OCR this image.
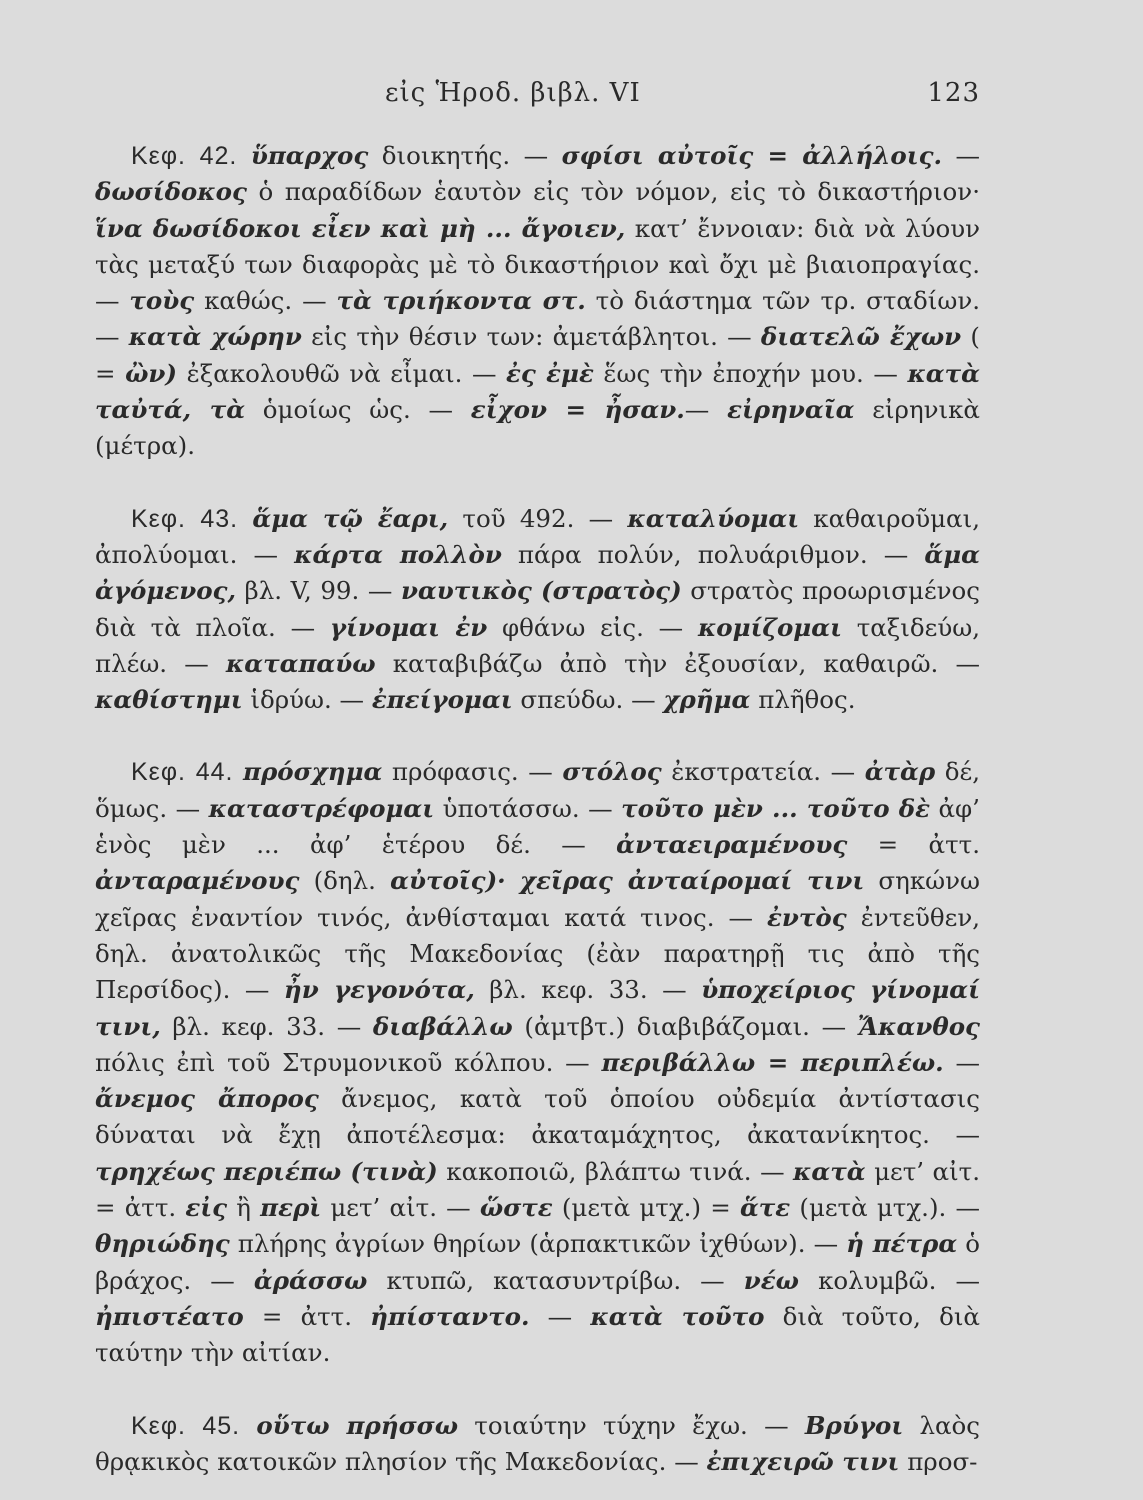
εἰς Ἡροδ. βιβλ. VI	123

Κεφ. 42. ὕπαρχος διοικητής. — σφίσι αὐτοῖς = ἀλλήλοις. — δωσίδοκος ὁ παραδίδων ἑαυτὸν εἰς τὸν νόμον, εἰς τὸ δικαστήριον· ἵνα δωσίδοκοι εἶεν καὶ μὴ ... ἄγοιεν, κατ’ ἔννοιαν: διὰ νὰ λύουν τὰς μεταξύ των διαφορὰς μὲ τὸ δικαστήριον καὶ ὄχι μὲ βιαιοπραγίας. — τοὺς καθώς. — τὰ τριήκοντα στ. τὸ διάστημα τῶν τρ. σταδίων. — κατὰ χώρην εἰς τὴν θέσιν των: ἀμετάβλητοι. — διατελῶ ἔχων ( = ὢν) ἐξακολουθῶ νὰ εἶμαι. — ἐς ἐμὲ ἕως τὴν ἐποχήν μου. — κατὰ ταὐτά, τὰ ὁμοίως ὡς. — εἶχον = ἦσαν.— εἰρηναῖα εἰρηνικὰ (μέτρα).

Κεφ. 43. ἅμα τῷ ἔαρι, τοῦ 492. — καταλύομαι καθαιροῦμαι, ἀπολύομαι. — κάρτα πολλὸν πάρα πολύν, πολυάριθμον. — ἅμα ἀγόμενος, βλ. V, 99. — ναυτικὸς (στρατὸς) στρατὸς προωρισμένος διὰ τὰ πλοῖα. — γίνομαι ἐν φθάνω εἰς. — κομίζομαι ταξιδεύω, πλέω. — καταπαύω καταβιβάζω ἀπὸ τὴν ἐξουσίαν, καθαιρῶ. — καθίστημι ἱδρύω. — ἐπείγομαι σπεύδω. — χρῆμα πλῆθος.

Κεφ. 44. πρόσχημα πρόφασις. — στόλος ἐκστρατεία. — ἀτὰρ δέ, ὅμως. — καταστρέφομαι ὑποτάσσω. — τοῦτο μὲν ... τοῦτο δὲ ἀφ’ ἑνὸς μὲν ... ἀφ’ ἑτέρου δέ. — ἀνταειραμένους = ἀττ. ἀνταραμένους (δηλ. αὐτοῖς)· χεῖρας ἀνταίρομαί τινι σηκώνω χεῖρας ἐναντίον τινός, ἀνθίσταμαι κατά τινος. — ἐντὸς ἐντεῦθεν, δηλ. ἀνατολικῶς τῆς Μακεδονίας (ἐὰν παρατηρῇ τις ἀπὸ τῆς Περσίδος). — ἦν γεγονότα, βλ. κεφ. 33. — ὑποχείριος γίνομαί τινι, βλ. κεφ. 33. — διαβάλλω (ἀμτβτ.) διαβιβάζομαι. — Ἄκανθος πόλις ἐπὶ τοῦ Στρυμονικοῦ κόλπου. — περιβάλλω = περιπλέω. — ἄνεμος ἄπορος ἄνεμος, κατὰ τοῦ ὁποίου οὐδεμία ἀντίστασις δύναται νὰ ἔχῃ ἀποτέλεσμα: ἀκαταμάχητος, ἀκατανίκητος. — τρηχέως περιέπω (τινὰ) κακοποιῶ, βλάπτω τινά. — κατὰ μετ’ αἰτ. = ἀττ. εἰς ἢ περὶ μετ’ αἰτ. — ὥστε (μετὰ μτχ.) = ἅτε (μετὰ μτχ.). — θηριώδης πλήρης ἀγρίων θηρίων (ἁρπακτικῶν ἰχθύων). — ἡ πέτρα ὁ βράχος. — ἀράσσω κτυπῶ, κατασυντρίβω. — νέω κολυμβῶ. — ἠπιστέατο = ἀττ. ἠπίσταντο. — κατὰ τοῦτο διὰ τοῦτο, διὰ ταύτην τὴν αἰτίαν.

Κεφ. 45. οὕτω πρήσσω τοιαύτην τύχην ἔχω. — Βρύγοι λαὸς θρᾳκικὸς κατοικῶν πλησίον τῆς Μακεδονίας. — ἐπιχειρῶ τινι προσ-
